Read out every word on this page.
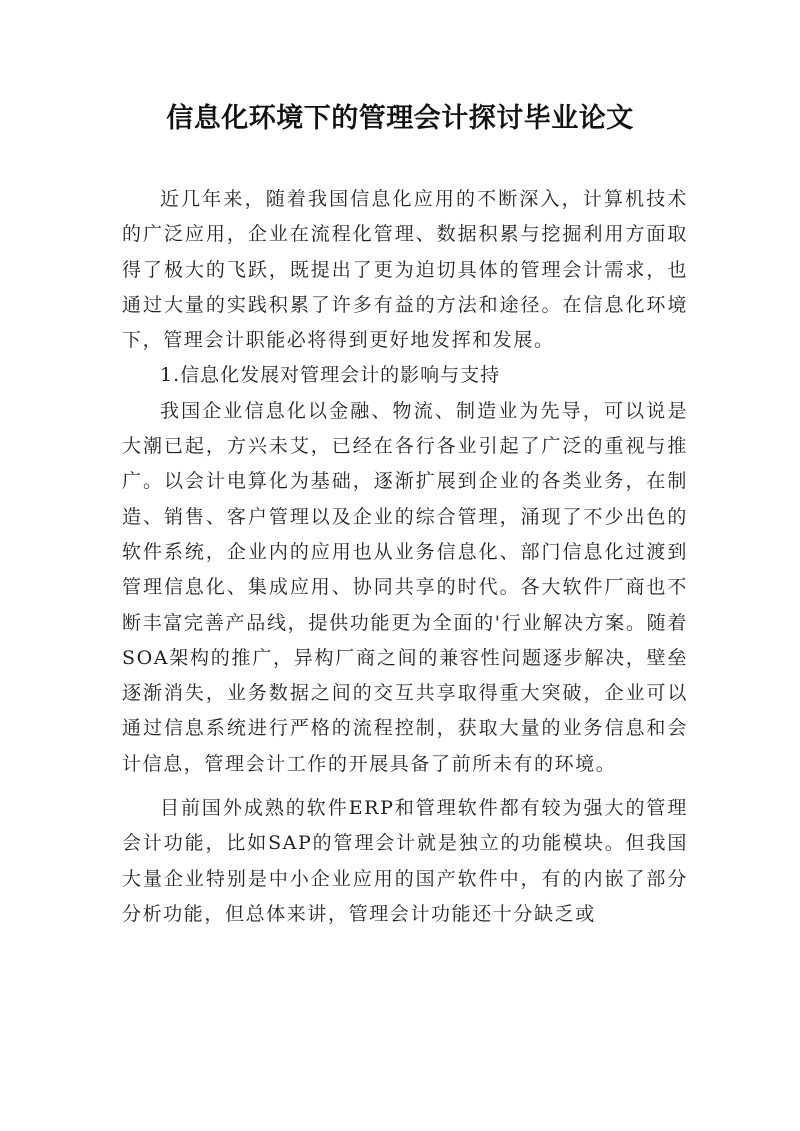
信息化环境下的管理会计探讨毕业论文

近几年来，随着我国信息化应用的不断深入，计算机技术的广泛应用，企业在流程化管理、数据积累与挖掘利用方面取得了极大的飞跃，既提出了更为迫切具体的管理会计需求，也通过大量的实践积累了许多有益的方法和途径。在信息化环境下，管理会计职能必将得到更好地发挥和发展。

1.信息化发展对管理会计的影响与支持

我国企业信息化以金融、物流、制造业为先导，可以说是大潮已起，方兴未艾，已经在各行各业引起了广泛的重视与推广。以会计电算化为基础，逐渐扩展到企业的各类业务，在制造、销售、客户管理以及企业的综合管理，涌现了不少出色的软件系统，企业内的应用也从业务信息化、部门信息化过渡到管理信息化、集成应用、协同共享的时代。各大软件厂商也不断丰富完善产品线，提供功能更为全面的'行业解决方案。随着SOA架构的推广，异构厂商之间的兼容性问题逐步解决，壁垒逐渐消失，业务数据之间的交互共享取得重大突破，企业可以通过信息系统进行严格的流程控制，获取大量的业务信息和会计信息，管理会计工作的开展具备了前所未有的环境。

目前国外成熟的软件ERP和管理软件都有较为强大的管理会计功能，比如SAP的管理会计就是独立的功能模块。但我国大量企业特别是中小企业应用的国产软件中，有的内嵌了部分分析功能，但总体来讲，管理会计功能还十分缺乏或
